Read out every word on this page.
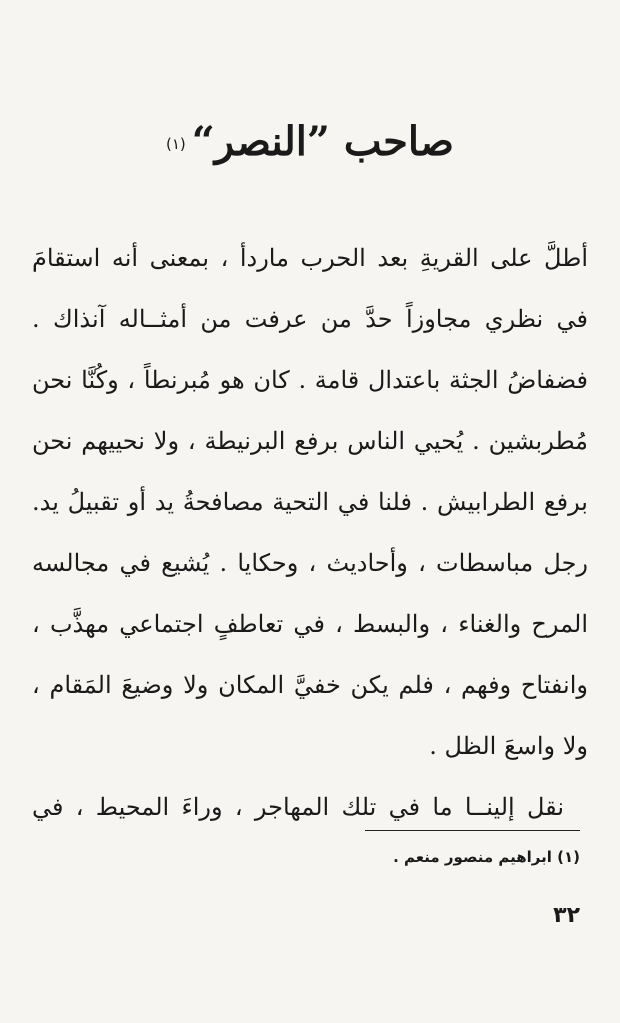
صاحب ”النصر“(١)
أطلَّ على القريةِ بعد الحرب ماردأ ، بمعنى أنه استقامَ
في نظري مجاوزاً حدَّ من عرفت من أمثــاله آنذاك .
فضفاضُ الجثة باعتدال قامة . كان هو مُبرنطاً ، وكُنَّا نحن
مُطربشين . يُحيي الناس برفع البرنيطة ، ولا نحييهم نحن
برفع الطرابيش . فلنا في التحية مصافحةُ يد أو تقبيلُ يد.
رجل مباسطات ، وأحاديث ، وحكايا . يُشيع في مجالسه
المرح والغناء ، والبسط ، في تعاطفٍ اجتماعي مهذَّب ،
وانفتاح وفهم ، فلم يكن خفيَّ المكان ولا وضيعَ المَقام ،
ولا واسعَ الظل .
نقل إلينــا ما في تلك المهاجر ، وراءَ المحيط ، في
(١) ابراهيم منصور منعم .
٣٢
